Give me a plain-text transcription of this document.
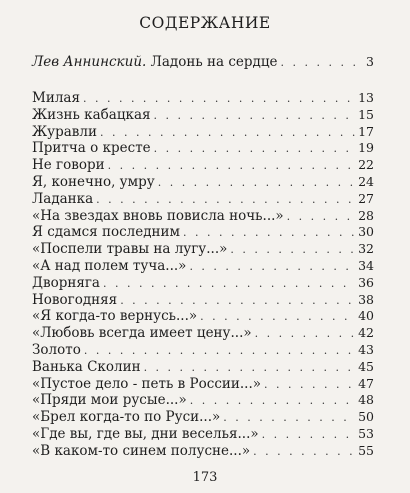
СОДЕРЖАНИЕ
Лев Аннинский. Ладонь на сердце . . .	3
Милая . . .	13
Жизнь кабацкая . . .	15
Журавли . . .	17
Притча о кресте . . .	19
Не говори . . .	22
Я, конечно, умру . . .	24
Ладанка . . .	27
«На звездах вновь повисла ночь...» . . .	28
Я сдамся последним . . .	30
«Поспели травы на лугу...» . . .	32
«А над полем туча...» . . .	34
Дворняга . . .	36
Новогодняя . . .	38
«Я когда-то вернусь...» . . .	40
«Любовь всегда имеет цену...» . . .	42
Золото . . .	43
Ванька Сколин . . .	45
«Пустое дело - петь в России...» . . .	47
«Пряди мои русые...» . . .	48
«Брел когда-то по Руси...» . . .	50
«Где вы, где вы, дни веселья...» . . .	53
«В каком-то синем полусне...» . . .	55
173
